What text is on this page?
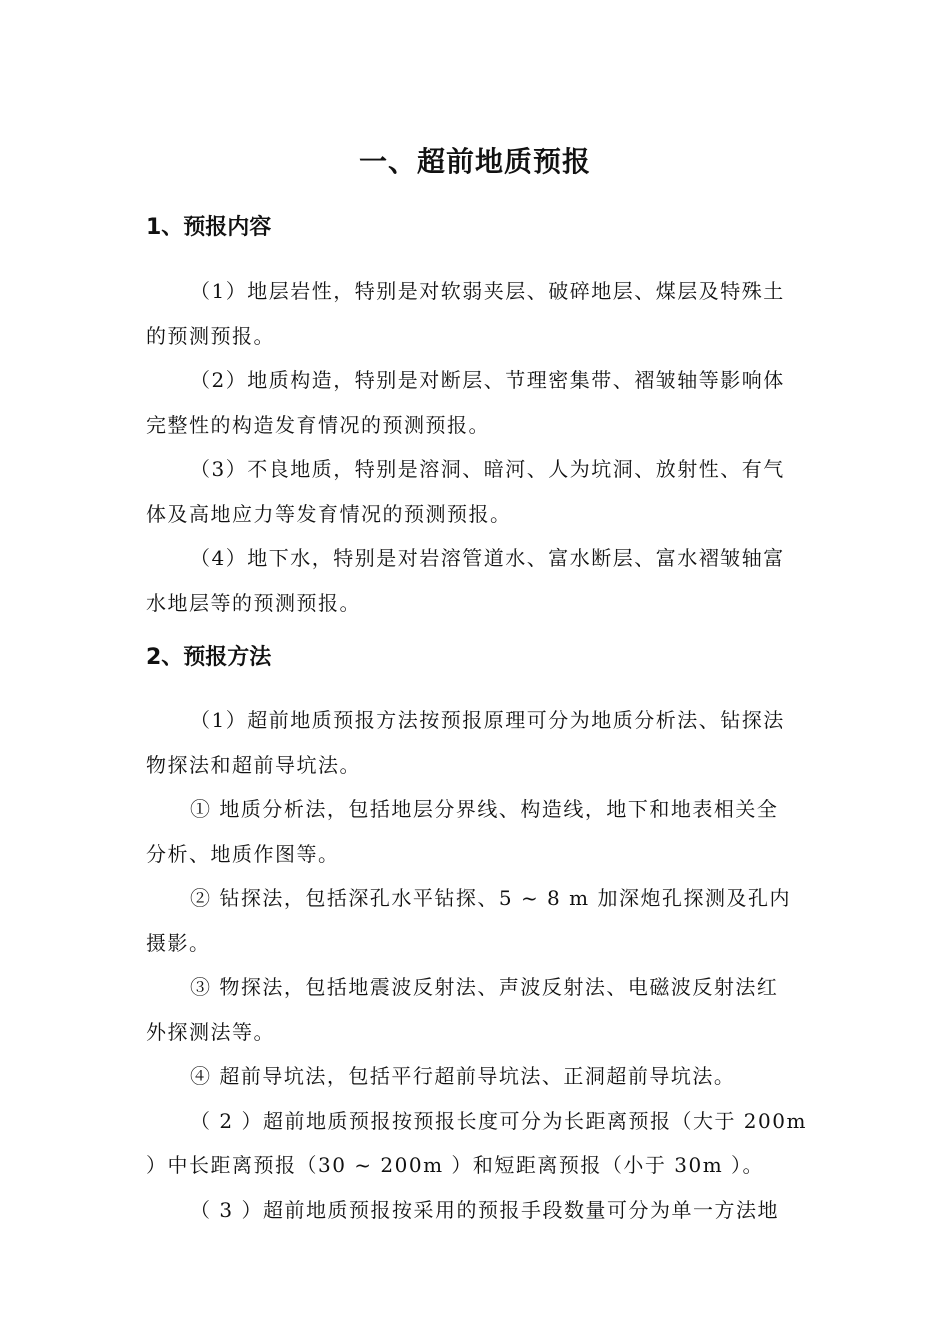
一、超前地质预报
1、预报内容
（1）地层岩性，特别是对软弱夹层、破碎地层、煤层及特殊土
的预测预报。
（2）地质构造，特别是对断层、节理密集带、褶皱轴等影响体
完整性的构造发育情况的预测预报。
（3）不良地质，特别是溶洞、暗河、人为坑洞、放射性、有气
体及高地应力等发育情况的预测预报。
（4）地下水，特别是对岩溶管道水、富水断层、富水褶皱轴富
水地层等的预测预报。
2、预报方法
（1）超前地质预报方法按预报原理可分为地质分析法、钻探法
物探法和超前导坑法。
① 地质分析法，包括地层分界线、构造线，地下和地表相关全
分析、地质作图等。
② 钻探法，包括深孔水平钻探、5 ~ 8 m 加深炮孔探测及孔内
摄影。
③ 物探法，包括地震波反射法、声波反射法、电磁波反射法红
外探测法等。
④ 超前导坑法，包括平行超前导坑法、正洞超前导坑法。
（ 2 ）超前地质预报按预报长度可分为长距离预报（大于 200m
）中长距离预报（30 ~ 200m ）和短距离预报（小于 30m ）。
（ 3 ）超前地质预报按采用的预报手段数量可分为单一方法地
